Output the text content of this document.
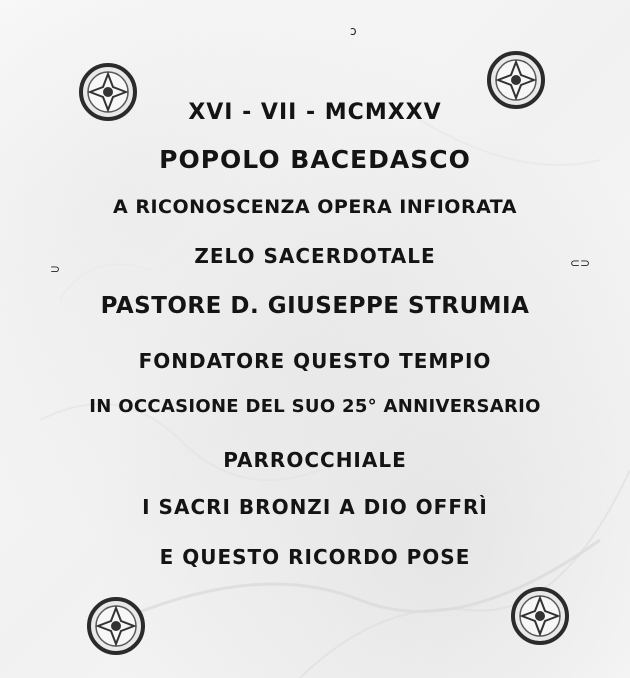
ɔ
⊃	⊂⊃
XVI - VII - MCMXXV
POPOLO BACEDASCO
A RICONOSCENZA OPERA INFIORATA
ZELO SACERDOTALE
PASTORE D. GIUSEPPE STRUMIA
FONDATORE QUESTO TEMPIO
IN OCCASIONE DEL SUO 25° ANNIVERSARIO
PARROCCHIALE
I SACRI BRONZI A DIO OFFRÌ
E QUESTO RICORDO POSE
